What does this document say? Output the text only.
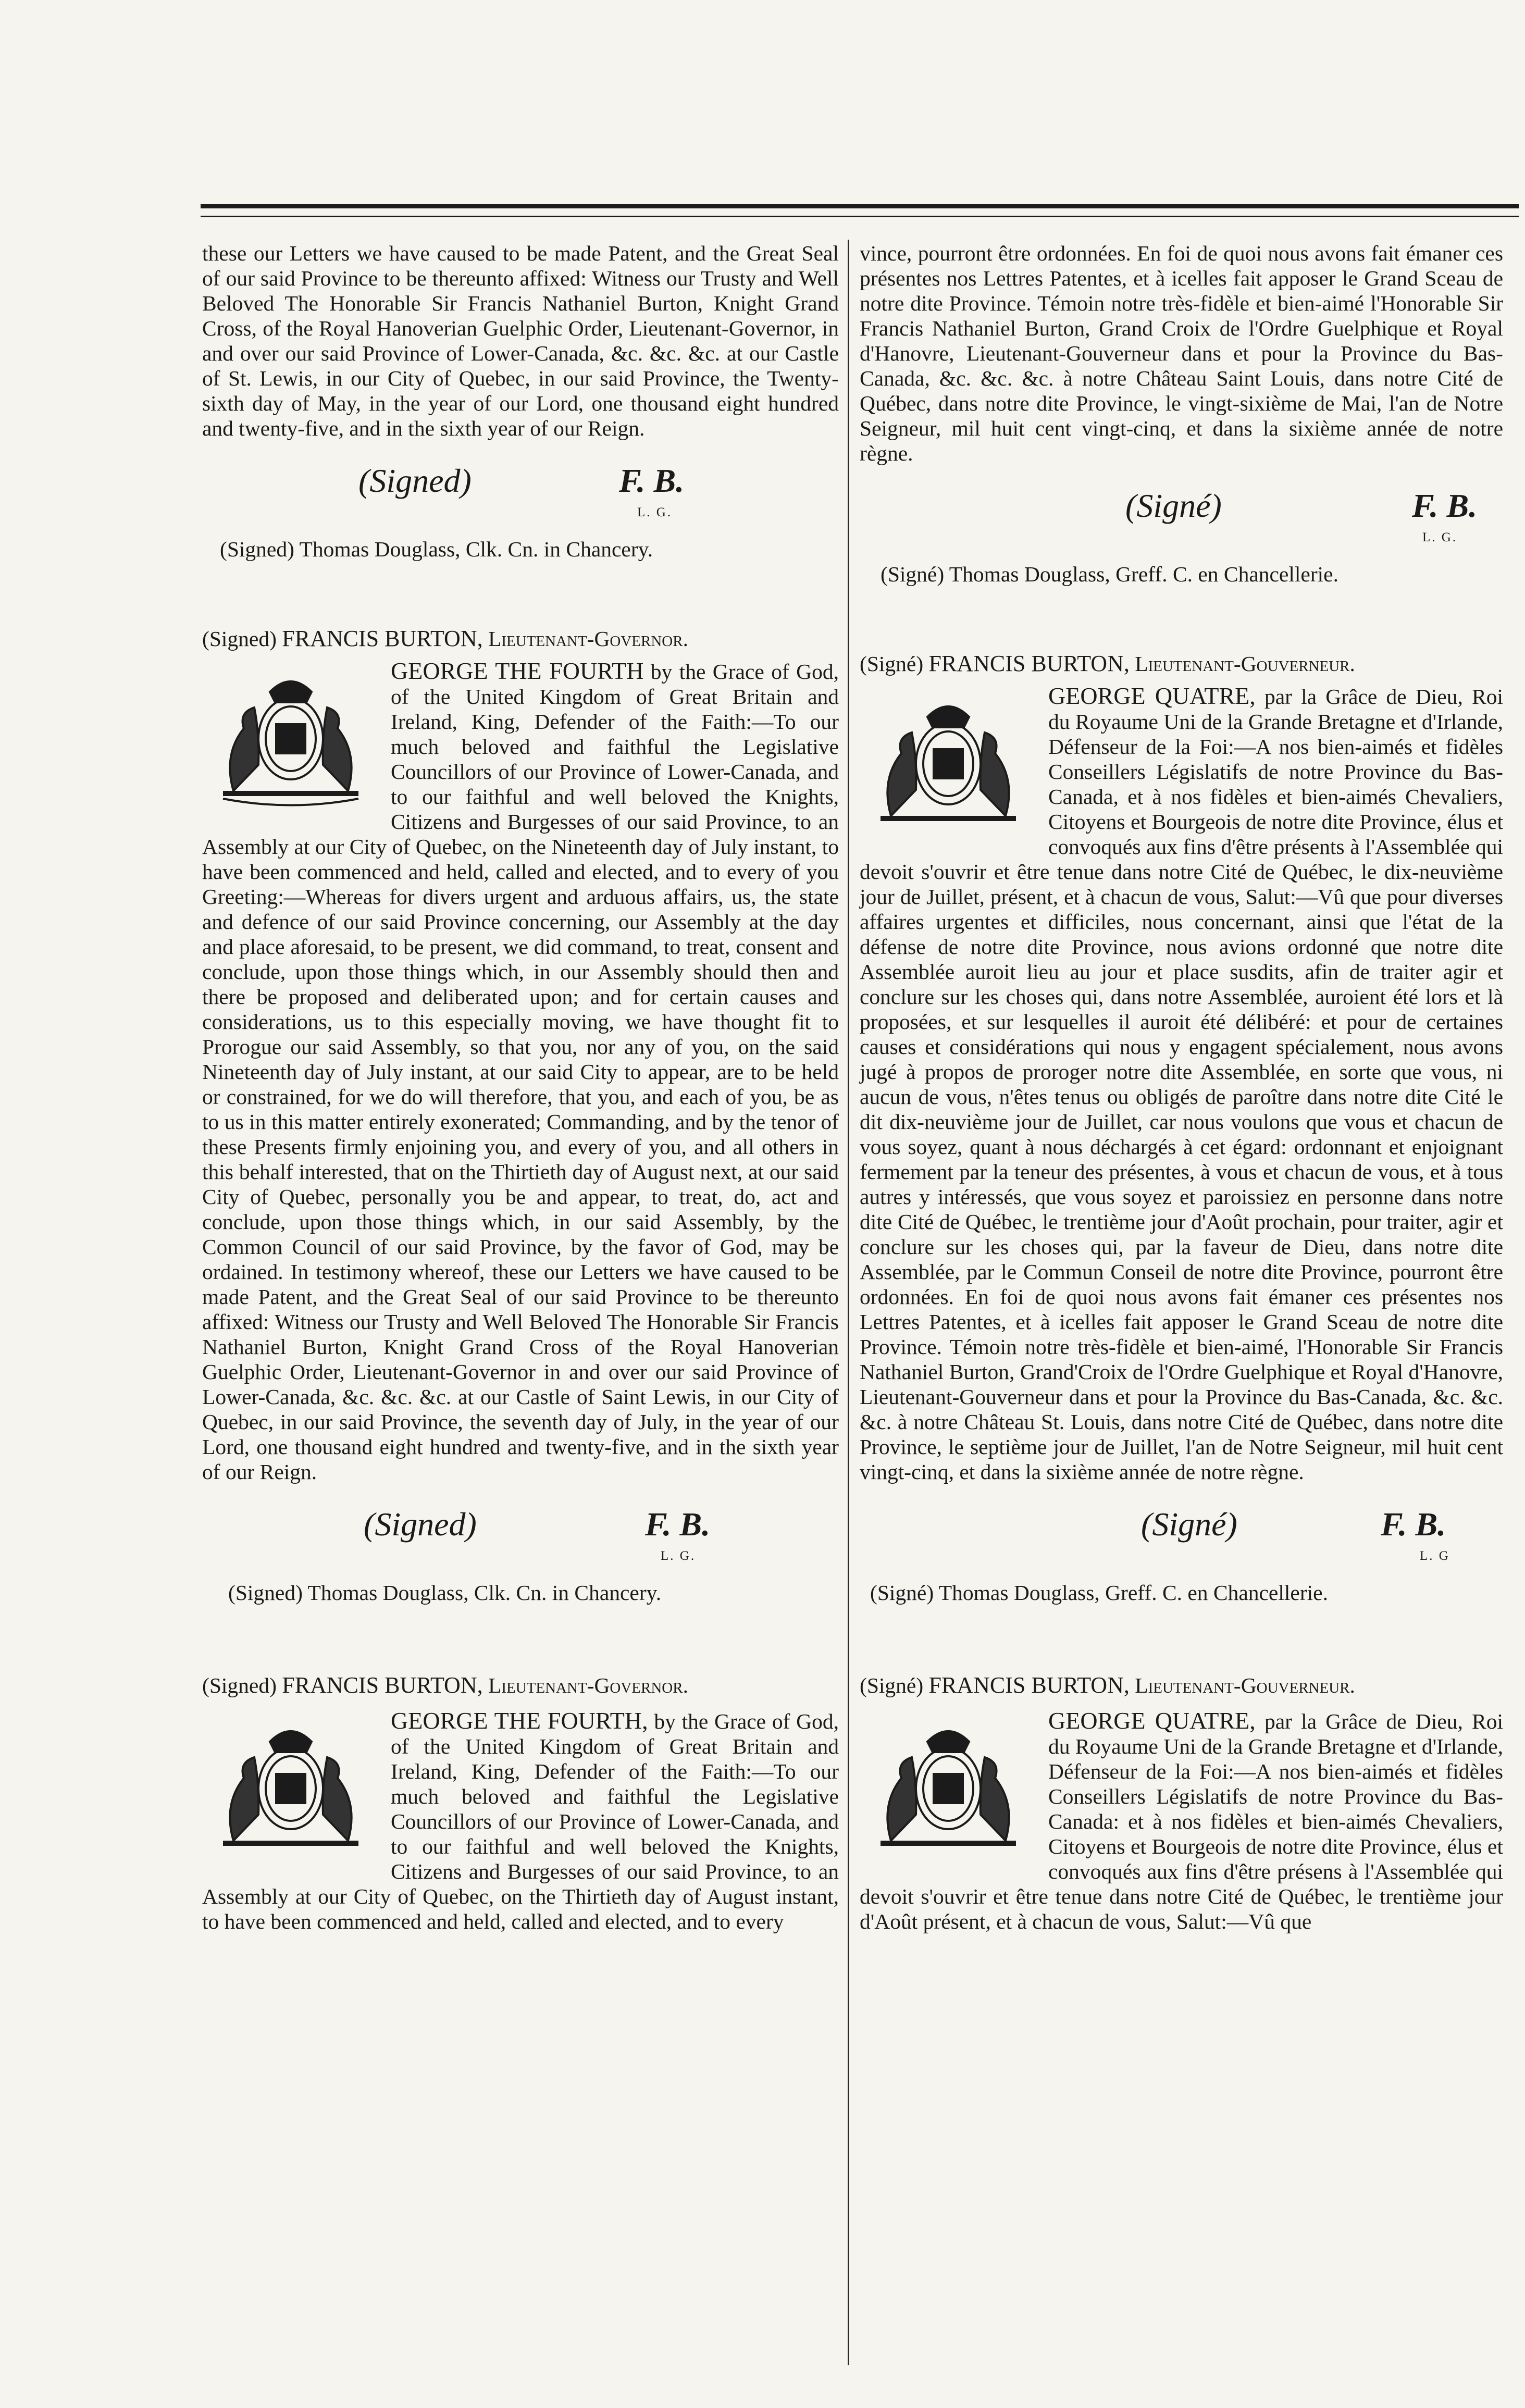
these our Letters we have caused to be made Patent, and the Great Seal of our said Province to be thereunto affixed: Witness our Trusty and Well Beloved The Honorable Sir Francis Nathaniel Burton, Knight Grand Cross, of the Royal Hanoverian Guelphic Order, Lieutenant-Governor, in and over our said Province of Lower-Canada, &c. &c. &c. at our Castle of St. Lewis, in our City of Quebec, in our said Province, the Twenty-sixth day of May, in the year of our Lord, one thousand eight hundred and twenty-five, and in the sixth year of our Reign.

(Signed)	F. B.
L. G.

(Signed) Thomas Douglass, Clk. Cn. in Chancery.

(Signed) FRANCIS BURTON, Lieutenant-Governor.

GEORGE THE FOURTH by the Grace of God, of the United Kingdom of Great Britain and Ireland, King, Defender of the Faith:—To our much beloved and faithful the Legislative Councillors of our Province of Lower-Canada, and to our faithful and well beloved the Knights, Citizens and Burgesses of our said Province, to an Assembly at our City of Quebec, on the Nineteenth day of July instant, to have been commenced and held, called and elected, and to every of you Greeting:—Whereas for divers urgent and arduous affairs, us, the state and defence of our said Province concerning, our Assembly at the day and place aforesaid, to be present, we did command, to treat, consent and conclude, upon those things which, in our Assembly should then and there be proposed and deliberated upon; and for certain causes and considerations, us to this especially moving, we have thought fit to Prorogue our said Assembly, so that you, nor any of you, on the said Nineteenth day of July instant, at our said City to appear, are to be held or constrained, for we do will therefore, that you, and each of you, be as to us in this matter entirely exonerated; Commanding, and by the tenor of these Presents firmly enjoining you, and every of you, and all others in this behalf interested, that on the Thirtieth day of August next, at our said City of Quebec, personally you be and appear, to treat, do, act and conclude, upon those things which, in our said Assembly, by the Common Council of our said Province, by the favor of God, may be ordained. In testimony whereof, these our Letters we have caused to be made Patent, and the Great Seal of our said Province to be thereunto affixed: Witness our Trusty and Well Beloved The Honorable Sir Francis Nathaniel Burton, Knight Grand Cross of the Royal Hanoverian Guelphic Order, Lieutenant-Governor in and over our said Province of Lower-Canada, &c. &c. &c. at our Castle of Saint Lewis, in our City of Quebec, in our said Province, the seventh day of July, in the year of our Lord, one thousand eight hundred and twenty-five, and in the sixth year of our Reign.

(Signed)	F. B.
L. G.

(Signed) Thomas Douglass, Clk. Cn. in Chancery.

(Signed) FRANCIS BURTON, Lieutenant-Governor.

GEORGE THE FOURTH, by the Grace of God, of the United Kingdom of Great Britain and Ireland, King, Defender of the Faith:—To our much beloved and faithful the Legislative Councillors of our Province of Lower-Canada, and to our faithful and well beloved the Knights, Citizens and Burgesses of our said Province, to an Assembly at our City of Quebec, on the Thirtieth day of August instant, to have been commenced and held, called and elected, and to every

vince, pourront être ordonnées. En foi de quoi nous avons fait émaner ces présentes nos Lettres Patentes, et à icelles fait apposer le Grand Sceau de notre dite Province. Témoin notre très-fidèle et bien-aimé l'Honorable Sir Francis Nathaniel Burton, Grand Croix de l'Ordre Guelphique et Royal d'Hanovre, Lieutenant-Gouverneur dans et pour la Province du Bas-Canada, &c. &c. &c. à notre Château Saint Louis, dans notre Cité de Québec, dans notre dite Province, le vingt-sixième de Mai, l'an de Notre Seigneur, mil huit cent vingt-cinq, et dans la sixième année de notre règne.

(Signé)	F. B.
L. G.

(Signé) Thomas Douglass, Greff. C. en Chancellerie.

(Signé) FRANCIS BURTON, Lieutenant-Gouverneur.

GEORGE QUATRE, par la Grâce de Dieu, Roi du Royaume Uni de la Grande Bretagne et d'Irlande, Défenseur de la Foi:—A nos bien-aimés et fidèles Conseillers Législatifs de notre Province du Bas-Canada, et à nos fidèles et bien-aimés Chevaliers, Citoyens et Bourgeois de notre dite Province, élus et convoqués aux fins d'être présents à l'Assemblée qui devoit s'ouvrir et être tenue dans notre Cité de Québec, le dix-neuvième jour de Juillet, présent, et à chacun de vous, Salut:—Vû que pour diverses affaires urgentes et difficiles, nous concernant, ainsi que l'état de la défense de notre dite Province, nous avions ordonné que notre dite Assemblée auroit lieu au jour et place susdits, afin de traiter agir et conclure sur les choses qui, dans notre Assemblée, auroient été lors et là proposées, et sur lesquelles il auroit été délibéré: et pour de certaines causes et considérations qui nous y engagent spécialement, nous avons jugé à propos de proroger notre dite Assemblée, en sorte que vous, ni aucun de vous, n'êtes tenus ou obligés de paroître dans notre dite Cité le dit dix-neuvième jour de Juillet, car nous voulons que vous et chacun de vous soyez, quant à nous déchargés à cet égard: ordonnant et enjoignant fermement par la teneur des présentes, à vous et chacun de vous, et à tous autres y intéressés, que vous soyez et paroissiez en personne dans notre dite Cité de Québec, le trentième jour d'Août prochain, pour traiter, agir et conclure sur les choses qui, par la faveur de Dieu, dans notre dite Assemblée, par le Commun Conseil de notre dite Province, pourront être ordonnées. En foi de quoi nous avons fait émaner ces présentes nos Lettres Patentes, et à icelles fait apposer le Grand Sceau de notre dite Province. Témoin notre très-fidèle et bien-aimé, l'Honorable Sir Francis Nathaniel Burton, Grand'Croix de l'Ordre Guelphique et Royal d'Hanovre, Lieutenant-Gouverneur dans et pour la Province du Bas-Canada, &c. &c. &c. à notre Château St. Louis, dans notre Cité de Québec, dans notre dite Province, le septième jour de Juillet, l'an de Notre Seigneur, mil huit cent vingt-cinq, et dans la sixième année de notre règne.

(Signé)	F. B.
L. G

(Signé) Thomas Douglass, Greff. C. en Chancellerie.

(Signé) FRANCIS BURTON, Lieutenant-Gouverneur.

GEORGE QUATRE, par la Grâce de Dieu, Roi du Royaume Uni de la Grande Bretagne et d'Irlande, Défenseur de la Foi:—A nos bien-aimés et fidèles Conseillers Législatifs de notre Province du Bas-Canada: et à nos fidèles et bien-aimés Chevaliers, Citoyens et Bourgeois de notre dite Province, élus et convoqués aux fins d'être présens à l'Assemblée qui devoit s'ouvrir et être tenue dans notre Cité de Québec, le trentième jour d'Août présent, et à chacun de vous, Salut:—Vû que
